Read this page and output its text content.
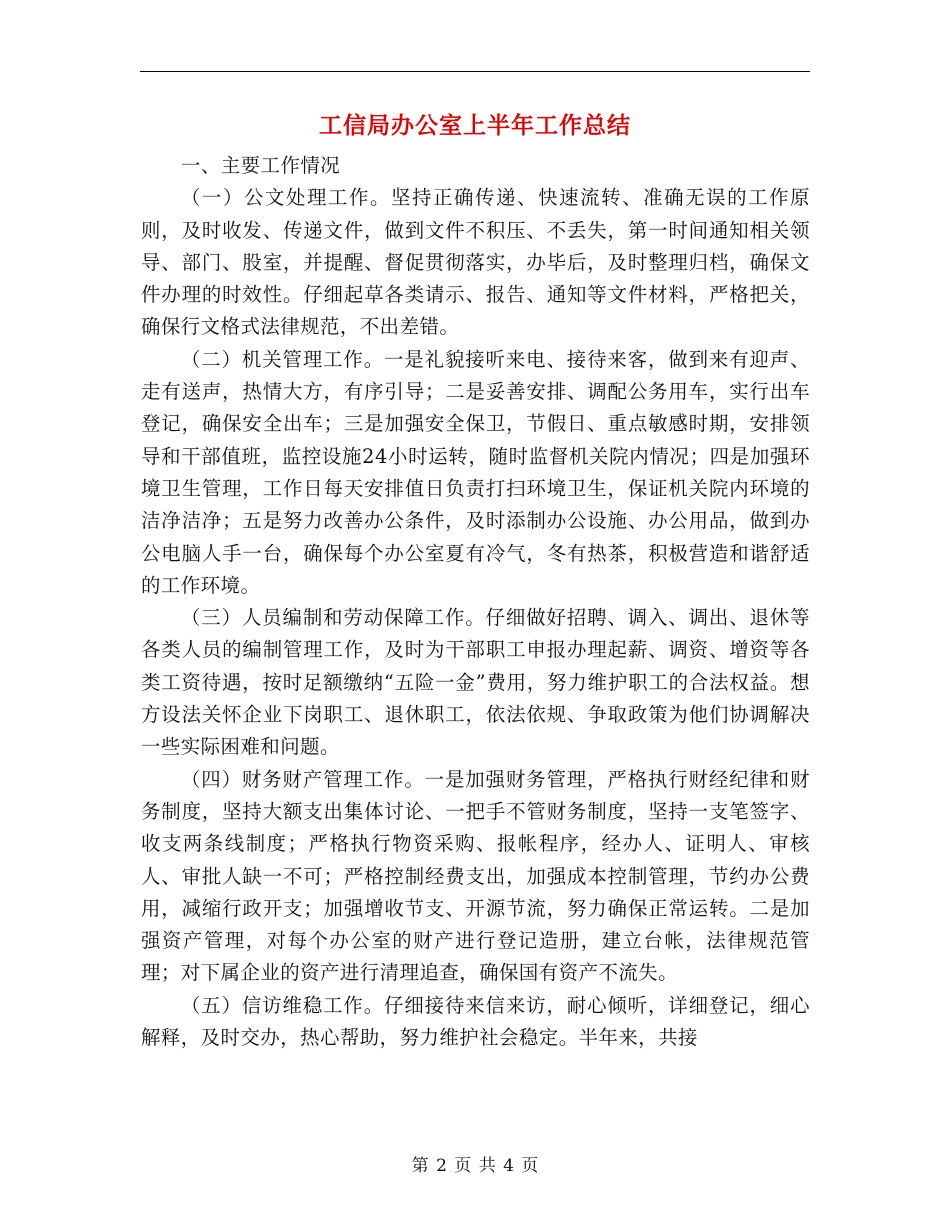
工信局办公室上半年工作总结

一、主要工作情况

（一）公文处理工作。坚持正确传递、快速流转、准确无误的工作原则，及时收发、传递文件，做到文件不积压、不丢失，第一时间通知相关领导、部门、股室，并提醒、督促贯彻落实，办毕后，及时整理归档，确保文件办理的时效性。仔细起草各类请示、报告、通知等文件材料，严格把关，确保行文格式法律规范，不出差错。

（二）机关管理工作。一是礼貌接听来电、接待来客，做到来有迎声、走有送声，热情大方，有序引导；二是妥善安排、调配公务用车，实行出车登记，确保安全出车；三是加强安全保卫，节假日、重点敏感时期，安排领导和干部值班，监控设施24小时运转，随时监督机关院内情况；四是加强环境卫生管理，工作日每天安排值日负责打扫环境卫生，保证机关院内环境的洁净洁净；五是努力改善办公条件，及时添制办公设施、办公用品，做到办公电脑人手一台，确保每个办公室夏有冷气，冬有热茶，积极营造和谐舒适的工作环境。

（三）人员编制和劳动保障工作。仔细做好招聘、调入、调出、退休等各类人员的编制管理工作，及时为干部职工申报办理起薪、调资、增资等各类工资待遇，按时足额缴纳“五险一金”费用，努力维护职工的合法权益。想方设法关怀企业下岗职工、退休职工，依法依规、争取政策为他们协调解决一些实际困难和问题。

（四）财务财产管理工作。一是加强财务管理，严格执行财经纪律和财务制度，坚持大额支出集体讨论、一把手不管财务制度，坚持一支笔签字、收支两条线制度；严格执行物资采购、报帐程序，经办人、证明人、审核人、审批人缺一不可；严格控制经费支出，加强成本控制管理，节约办公费用，减缩行政开支；加强增收节支、开源节流，努力确保正常运转。二是加强资产管理，对每个办公室的财产进行登记造册，建立台帐，法律规范管理；对下属企业的资产进行清理追查，确保国有资产不流失。

（五）信访维稳工作。仔细接待来信来访，耐心倾听，详细登记，细心解释，及时交办，热心帮助，努力维护社会稳定。半年来，共接

第 2 页 共 4 页
